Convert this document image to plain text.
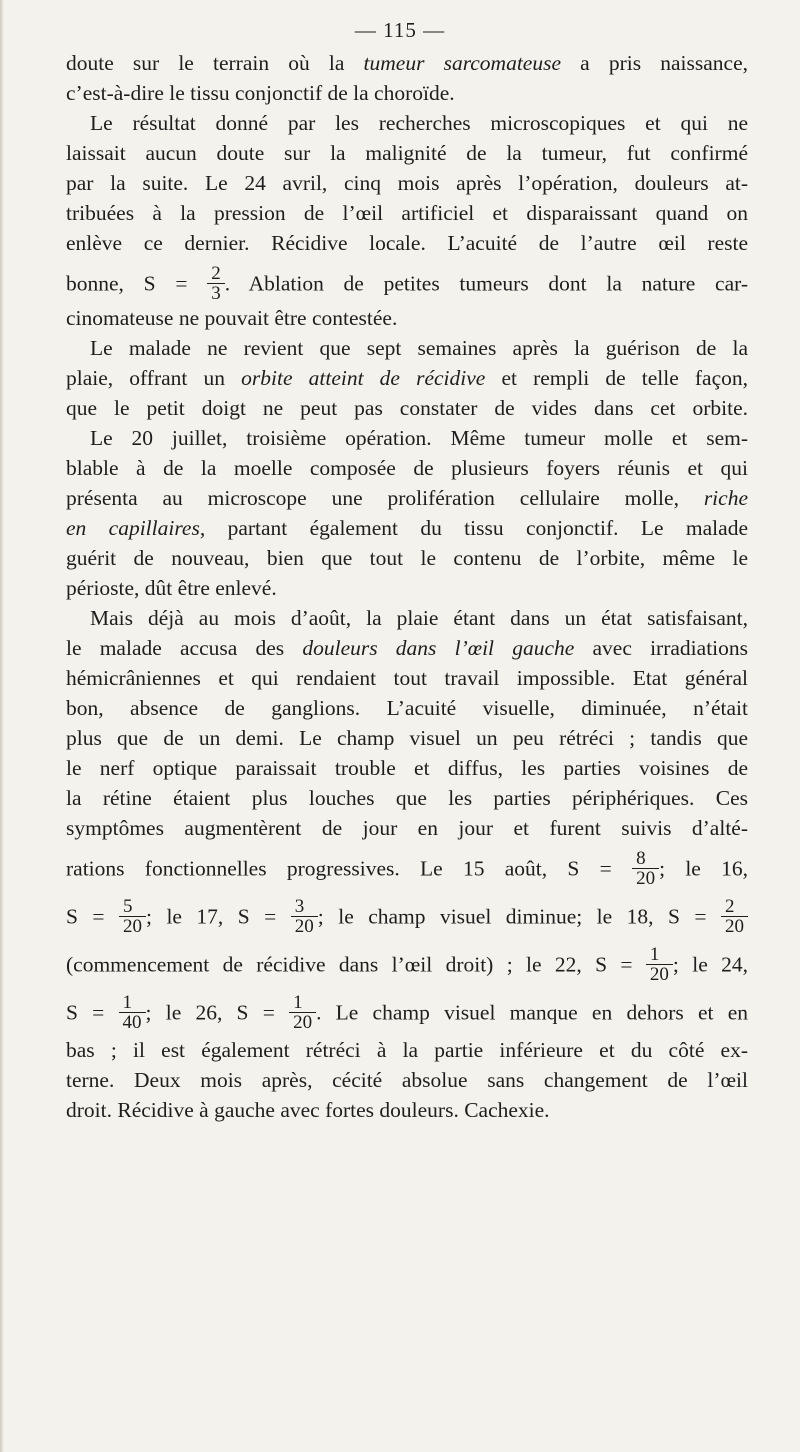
— 115 —
doute sur le terrain où la tumeur sarcomateuse a pris naissance,
c’est-à-dire le tissu conjonctif de la choroïde.
Le résultat donné par les recherches microscopiques et qui ne
laissait aucun doute sur la malignité de la tumeur, fut confirmé
par la suite. Le 24 avril, cinq mois après l’opération, douleurs at-
tribuées à la pression de l’œil artificiel et disparaissant quand on
enlève ce dernier. Récidive locale. L’acuité de l’autre œil reste
bonne, $S = \frac{2}{3}$ . Ablation de petites tumeurs dont la nature car-
cinomateuse ne pouvait être contestée.
Le malade ne revient que sept semaines après la guérison de la
plaie, offrant un orbite atteint de récidive et rempli de telle façon,
que le petit doigt ne peut pas constater de vides dans cet orbite.
Le 20 juillet, troisième opération. Même tumeur molle et sem-
blable à de la moelle composée de plusieurs foyers réunis et qui
présenta au microscope une prolifération cellulaire molle, riche
en capillaires, partant également du tissu conjonctif. Le malade
guérit de nouveau, bien que tout le contenu de l’orbite, même le
périoste, dût être enlevé.
Mais déjà au mois d’août, la plaie étant dans un état satisfaisant,
le malade accusa des douleurs dans l’œil gauche avec irradiations
hémicrâniennes et qui rendaient tout travail impossible. Etat général
bon, absence de ganglions. L’acuité visuelle, diminuée, n’était
plus que de un demi. Le champ visuel un peu rétréci ; tandis que
le nerf optique paraissait trouble et diffus, les parties voisines de
la rétine étaient plus louches que les parties périphériques. Ces
symptômes augmentèrent de jour en jour et furent suivis d’alté-
rations fonctionnelles progressives. Le 15 août, $S = \frac{8}{20}$ ; le 16,
$S = \frac{5}{20}$ ; le 17, $S = \frac{3}{20}$ ; le champ visuel diminue; le 18, $S = \frac{2}{20}$
(commencement de récidive dans l’œil droit) ; le 22, $S = \frac{1}{20}$ ; le 24,
$S = \frac{1}{40}$ ; le 26, $S = \frac{1}{20}$ . Le champ visuel manque en dehors et en
bas ; il est également rétréci à la partie inférieure et du côté ex-
terne. Deux mois après, cécité absolue sans changement de l’œil
droit. Récidive à gauche avec fortes douleurs. Cachexie.
